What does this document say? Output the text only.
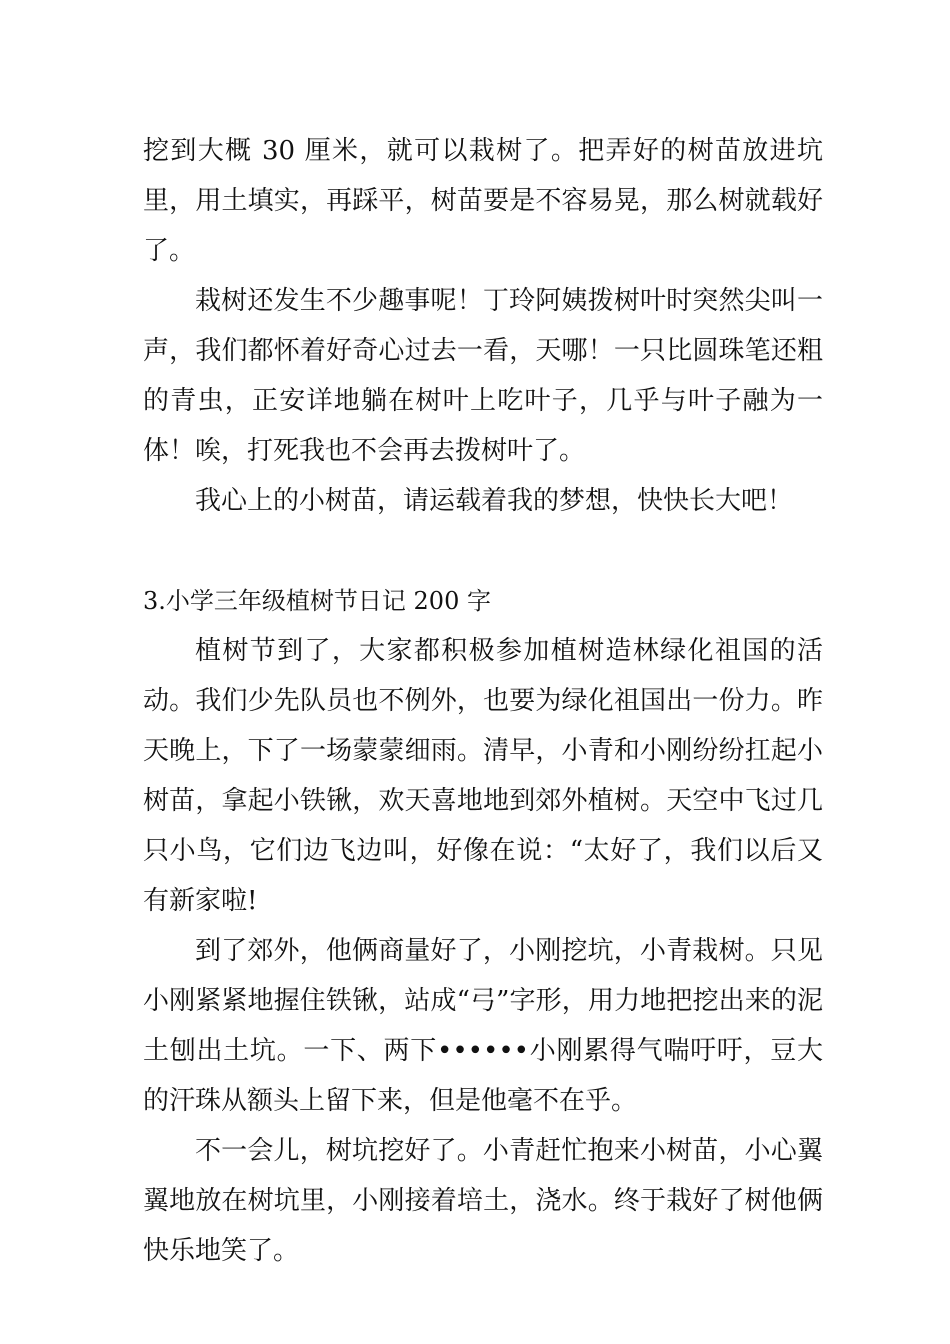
挖到大概 30 厘米，就可以栽树了。把弄好的树苗放进坑里，用土填实，再踩平，树苗要是不容易晃，那么树就载好了。

栽树还发生不少趣事呢！丁玲阿姨拨树叶时突然尖叫一声，我们都怀着好奇心过去一看，天哪！一只比圆珠笔还粗的青虫，正安详地躺在树叶上吃叶子，几乎与叶子融为一体！唉，打死我也不会再去拨树叶了。

我心上的小树苗，请运载着我的梦想，快快长大吧！

3.小学三年级植树节日记 200 字

植树节到了，大家都积极参加植树造林绿化祖国的活动。我们少先队员也不例外，也要为绿化祖国出一份力。昨天晚上，下了一场蒙蒙细雨。清早，小青和小刚纷纷扛起小树苗，拿起小铁锹，欢天喜地地到郊外植树。天空中飞过几只小鸟，它们边飞边叫，好像在说：“太好了，我们以后又有新家啦!

到了郊外，他俩商量好了，小刚挖坑，小青栽树。只见小刚紧紧地握住铁锹，站成“弓”字形，用力地把挖出来的泥土刨出土坑。一下、两下••••••小刚累得气喘吁吁，豆大的汗珠从额头上留下来，但是他毫不在乎。

不一会儿，树坑挖好了。小青赶忙抱来小树苗，小心翼翼地放在树坑里，小刚接着培土，浇水。终于栽好了树他俩快乐地笑了。
